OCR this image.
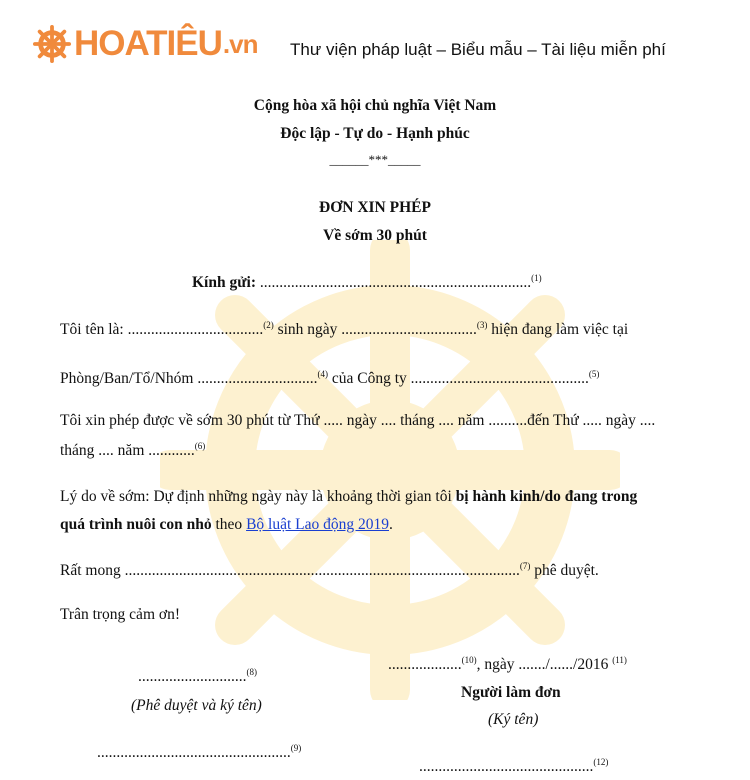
HOATIÊU .vn Thư viện pháp luật – Biểu mẫu – Tài liệu miễn phí
Cộng hòa xã hội chủ nghĩa Việt Nam
Độc lập - Tự do - Hạnh phúc
______***_____
ĐƠN XIN PHÉP
Về sớm 30 phút
Kính gửi: ......................................................................$^{(1)}$
Tôi tên là: ...................................$^{(2)}$ sinh ngày ...................................$^{(3)}$ hiện đang làm việc tại
Phòng/Ban/Tổ/Nhóm ...............................$^{(4)}$ của Công ty ..............................................$^{(5)}$
Tôi xin phép được về sớm 30 phút từ Thứ ..... ngày .... tháng .... năm ..........đến Thứ ..... ngày ....
tháng .... năm ............$^{(6)}$
Lý do về sớm: Dự định những ngày này là khoảng thời gian tôi bị hành kinh/do đang trong
quá trình nuôi con nhỏ theo Bộ luật Lao động 2019.
Rất mong ......................................................................................................$^{(7)}$ phê duyệt.
Trân trọng cảm ơn!
...................$^{(10)}$, ngày ......./....../2016 $^{(11)}$
............................$^{(8)}$
Người làm đơn
(Phê duyệt và ký tên)
(Ký tên)
..................................................$^{(9)}$
.............................................$^{(12)}$
